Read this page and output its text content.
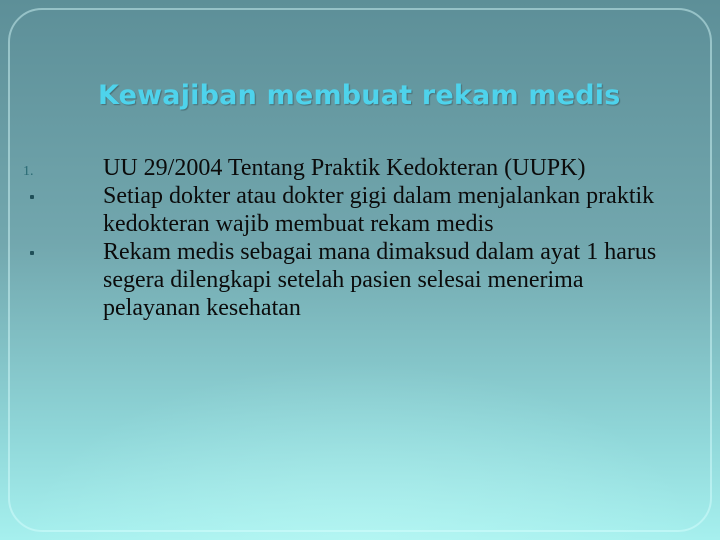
Kewajiban membuat rekam medis
1.	UU 29/2004 Tentang Praktik Kedokteran (UUPK)
Setiap dokter atau dokter gigi dalam menjalankan praktik kedokteran wajib membuat rekam medis
Rekam medis sebagai mana dimaksud dalam ayat 1 harus segera dilengkapi setelah pasien selesai menerima pelayanan kesehatan
